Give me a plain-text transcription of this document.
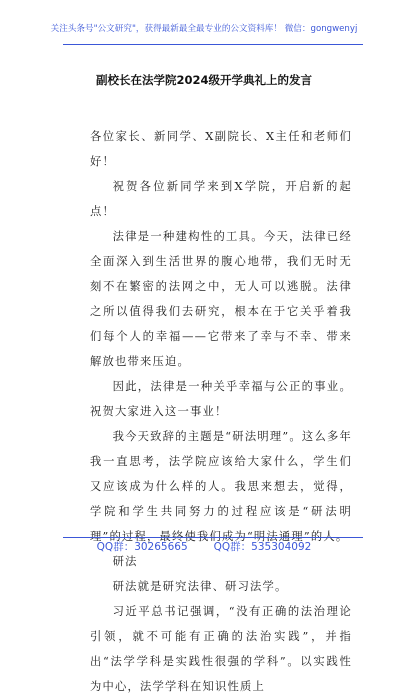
关注头条号"公文研究"，获得最新最全最专业的公文资料库！ 微信：gongwenyj
副校长在法学院2024级开学典礼上的发言

各位家长、新同学、X副院长、X主任和老师们好！

祝贺各位新同学来到X学院，开启新的起点！

法律是一种建构性的工具。今天，法律已经全面深入到生活世界的腹心地带，我们无时无刻不在繁密的法网之中，无人可以逃脱。法律之所以值得我们去研究，根本在于它关乎着我们每个人的幸福——它带来了幸与不幸、带来解放也带来压迫。

因此，法律是一种关乎幸福与公正的事业。祝贺大家进入这一事业！

我今天致辞的主题是“研法明理”。这么多年我一直思考，法学院应该给大家什么，学生们又应该成为什么样的人。我思来想去，觉得，学院和学生共同努力的过程应该是“研法明理”的过程，最终使我们成为“明法通理”的人。

研法

研法就是研究法律、研习法学。

习近平总书记强调，“没有正确的法治理论引领，就不可能有正确的法治实践”，并指出“法学学科是实践性很强的学科”。以实践性为中心，法学学科在知识性质上

QQ群：30265665 QQ群：535304092
